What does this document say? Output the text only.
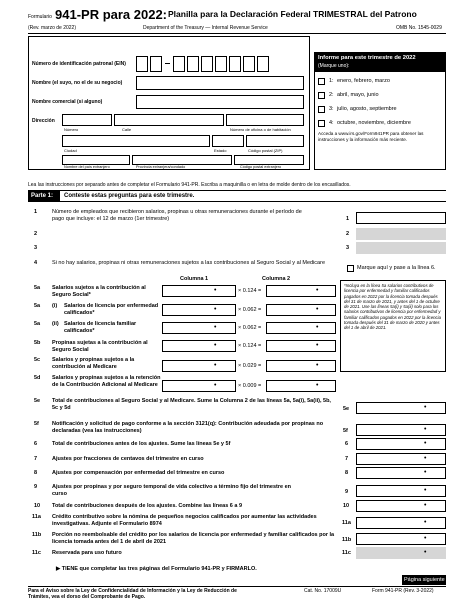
Formulario 941-PR para 2022: Planilla para la Declaración Federal TRIMESTRAL del Patrono
(Rev. marzo de 2022)	Department of the Treasury — Internal Revenue Service	OMB No. 1545-0029
Número de identificación patronal (EIN)
Nombre (el suyo, no el de su negocio)
Nombre comercial (si alguno)
Dirección
Número	Calle	Número de oficina o de habitación
Ciudad	Estado	Código postal (ZIP)
Nombre del país extranjero	Provincia extranjera/condado	Código postal extranjero
Informe para este trimestre de 2022
(Marque uno):
1: enero, febrero, marzo
2: abril, mayo, junio
3: julio, agosto, septiembre
4: octubre, noviembre, diciembre
Acceda a www.irs.gov/Form941PR para obtener las instrucciones y la información más reciente.
Lea las instrucciones por separado antes de completar el Formulario 941-PR. Escriba a maquinilla o en letra de molde dentro de los encasillados.
Parte 1: Conteste estas preguntas para este trimestre.
1	Número de empleados que recibieron salarios, propinas u otras remuneraciones durante el período de pago que incluye: el 12 de marzo (1er trimestre)	1
2	2
3	3
4	Si no hay salarios, propinas ni otras remuneraciones sujetos a las contribuciones al Seguro Social y al Medicare
Marque aquí y pase a la línea 6.
Columna 1	Columna 2
*Incluya en la línea 5a salarios contributivos de licencia por enfermedad y familiar calificados pagados en 2022 por la licencia tomada después del 31 de marzo de 2021, y antes del 1 de octubre de 2021. Use las líneas 5a(i) y 5a(ii) solo para los salarios contributivos de licencia por enfermedad y familiar calificados pagados en 2022 por la licencia tomada después del 31 de marzo de 2020 y antes del 1 de abril de 2021.
5a Salarios sujetos a la contribución al Seguro Social*
•	× 0.124 =	•
5a (i) Salarios de licencia por enfermedad calificados*	•	× 0.062 =	•
5a (ii) Salarios de licencia familiar calificados*	•	× 0.062 =	•
5b Propinas sujetas a la contribución al Seguro Social
•	× 0.124 =	•
5c Salarios y propinas sujetos a la contribución al Medicare	•	× 0.029 =	•
5d Salarios y propinas sujetos a la retención de la Contribución Adicional al Medicare	•	× 0.009 =	•
5e Total de contribuciones al Seguro Social y al Medicare. Sume la Columna 2 de las líneas 5a, 5a(i), 5a(ii), 5b, 5c y 5d	5e	•
5f Notificación y solicitud de pago conforme a la sección 3121(q): Contribución adeudada por propinas no declaradas (vea las instrucciones)	5f	•
6	Total de contribuciones antes de los ajustes. Sume las líneas 5e y 5f	6	•
7	Ajustes por fracciones de centavos del trimestre en curso	7	•
8	Ajustes por compensación por enfermedad del trimestre en curso	8	•
9	Ajustes por propinas y por seguro temporal de vida colectivo a término fijo del trimestre en curso	9	•
10 Total de contribuciones después de los ajustes. Combine las líneas 6 a 9	10	•
11a Crédito contributivo sobre la nómina de pequeños negocios calificados por aumentar las actividades investigativas. Adjunte el Formulario 8974	11a	•
11b Porción no reembolsable del crédito por los salarios de licencia por enfermedad y familiar calificados por la licencia tomada antes del 1 de abril de 2021	11b	•
11c Reservada para uso futuro	11c	•
▶ TIENE que completar las tres páginas del Formulario 941-PR y FIRMARLO.
Página siguiente ▶
Para el Aviso sobre la Ley de Confidencialidad de Información y la Ley de Reducción de Trámites, vea el dorso del Comprobante de Pago.
Cat. No. 17009U	Form 941-PR (Rev. 3-2022)
